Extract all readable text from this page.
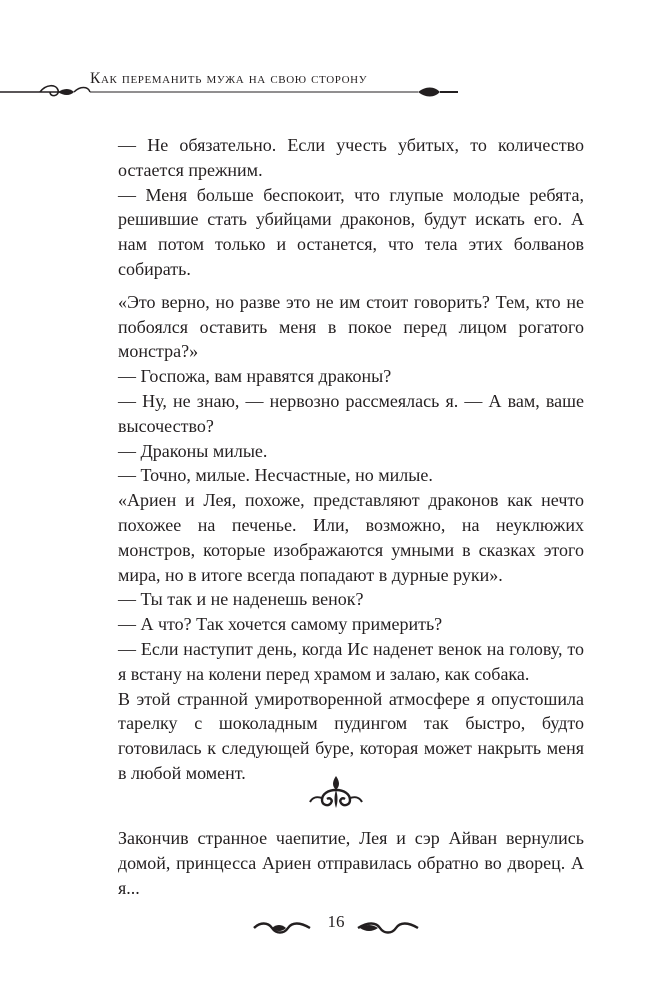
Как переманить мужа на свою сторону

— Не обязательно. Если учесть убитых, то количество остается прежним.

— Меня больше беспокоит, что глупые молодые ребята, решившие стать убийцами драконов, будут искать его. А нам потом только и останется, что тела этих болванов собирать.

«Это верно, но разве это не им стоит говорить? Тем, кто не побоялся оставить меня в покое перед лицом рогатого монстра?»

— Госпожа, вам нравятся драконы?

— Ну, не знаю, — нервозно рассмеялась я. — А вам, ваше высочество?

— Драконы милые.

— Точно, милые. Несчастные, но милые.

«Ариен и Лея, похоже, представляют драконов как нечто похожее на печенье. Или, возможно, на неуклюжих монстров, которые изображаются умными в сказках этого мира, но в итоге всегда попадают в дурные руки».

— Ты так и не наденешь венок?

— А что? Так хочется самому примерить?

— Если наступит день, когда Ис наденет венок на голову, то я встану на колени перед храмом и залаю, как собака.

В этой странной умиротворенной атмосфере я опустошила тарелку с шоколадным пудингом так быстро, будто готовилась к следующей буре, которая может накрыть меня в любой момент.

Закончив странное чаепитие, Лея и сэр Айван вернулись домой, принцесса Ариен отправилась обратно во дворец. А я...

16
